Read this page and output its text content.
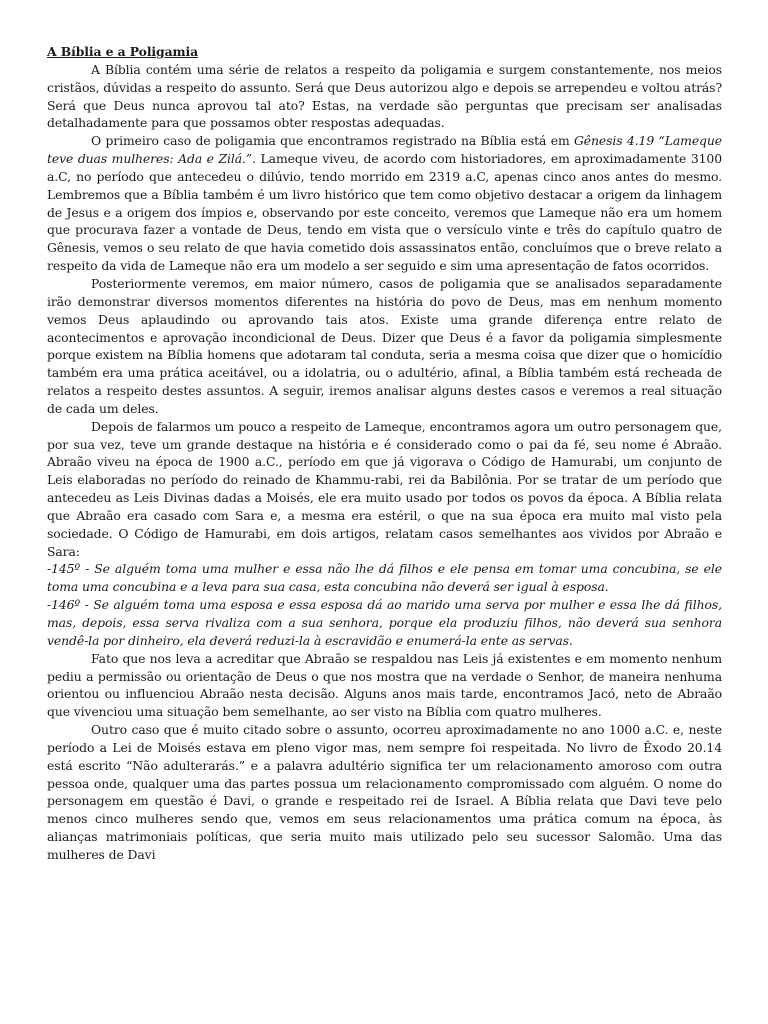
A Bíblia e a Poligamia

A Bíblia contém uma série de relatos a respeito da poligamia e surgem constantemente, nos meios cristãos, dúvidas a respeito do assunto. Será que Deus autorizou algo e depois se arrependeu e voltou atrás? Será que Deus nunca aprovou tal ato? Estas, na verdade são perguntas que precisam ser analisadas detalhadamente para que possamos obter respostas adequadas.

O primeiro caso de poligamia que encontramos registrado na Bíblia está em Gênesis 4.19 “Lameque teve duas mulheres: Ada e Zilá.”. Lameque viveu, de acordo com historiadores, em aproximadamente 3100 a.C, no período que antecedeu o dilúvio, tendo morrido em 2319 a.C, apenas cinco anos antes do mesmo. Lembremos que a Bíblia também é um livro histórico que tem como objetivo destacar a origem da linhagem de Jesus e a origem dos ímpios e, observando por este conceito, veremos que Lameque não era um homem que procurava fazer a vontade de Deus, tendo em vista que o versículo vinte e três do capítulo quatro de Gênesis, vemos o seu relato de que havia cometido dois assassinatos então, concluímos que o breve relato a respeito da vida de Lameque não era um modelo a ser seguido e sim uma apresentação de fatos ocorridos.

Posteriormente veremos, em maior número, casos de poligamia que se analisados separadamente irão demonstrar diversos momentos diferentes na história do povo de Deus, mas em nenhum momento vemos Deus aplaudindo ou aprovando tais atos. Existe uma grande diferença entre relato de acontecimentos e aprovação incondicional de Deus. Dizer que Deus é a favor da poligamia simplesmente porque existem na Bíblia homens que adotaram tal conduta, seria a mesma coisa que dizer que o homicídio também era uma prática aceitável, ou a idolatria, ou o adultério, afinal, a Bíblia também está recheada de relatos a respeito destes assuntos. A seguir, iremos analisar alguns destes casos e veremos a real situação de cada um deles.

Depois de falarmos um pouco a respeito de Lameque, encontramos agora um outro personagem que, por sua vez, teve um grande destaque na história e é considerado como o pai da fé, seu nome é Abraão. Abraão viveu na época de 1900 a.C., período em que já vigorava o Código de Hamurabi, um conjunto de Leis elaboradas no período do reinado de Khammu-rabi, rei da Babilônia. Por se tratar de um período que antecedeu as Leis Divinas dadas a Moisés, ele era muito usado por todos os povos da época. A Bíblia relata que Abraão era casado com Sara e, a mesma era estéril, o que na sua época era muito mal visto pela sociedade. O Código de Hamurabi, em dois artigos, relatam casos semelhantes aos vividos por Abraão e Sara:

-145º - Se alguém toma uma mulher e essa não lhe dá filhos e ele pensa em tomar uma concubina, se ele toma uma concubina e a leva para sua casa, esta concubina não deverá ser igual à esposa.

-146º - Se alguém toma uma esposa e essa esposa dá ao marido uma serva por mulher e essa lhe dá filhos, mas, depois, essa serva rivaliza com a sua senhora, porque ela produziu filhos, não deverá sua senhora vendê-la por dinheiro, ela deverá reduzi-la à escravidão e enumerá-la ente as servas.

Fato que nos leva a acreditar que Abraão se respaldou nas Leis já existentes e em momento nenhum pediu a permissão ou orientação de Deus o que nos mostra que na verdade o Senhor, de maneira nenhuma orientou ou influenciou Abraão nesta decisão. Alguns anos mais tarde, encontramos Jacó, neto de Abraão que vivenciou uma situação bem semelhante, ao ser visto na Bíblia com quatro mulheres.

Outro caso que é muito citado sobre o assunto, ocorreu aproximadamente no ano 1000 a.C. e, neste período a Lei de Moisés estava em pleno vigor mas, nem sempre foi respeitada. No livro de Êxodo 20.14 está escrito “Não adulterarás.” e a palavra adultério significa ter um relacionamento amoroso com outra pessoa onde, qualquer uma das partes possua um relacionamento compromissado com alguém. O nome do personagem em questão é Davi, o grande e respeitado rei de Israel. A Bíblia relata que Davi teve pelo menos cinco mulheres sendo que, vemos em seus relacionamentos uma prática comum na época, às alianças matrimoniais políticas, que seria muito mais utilizado pelo seu sucessor Salomão. Uma das mulheres de Davi
